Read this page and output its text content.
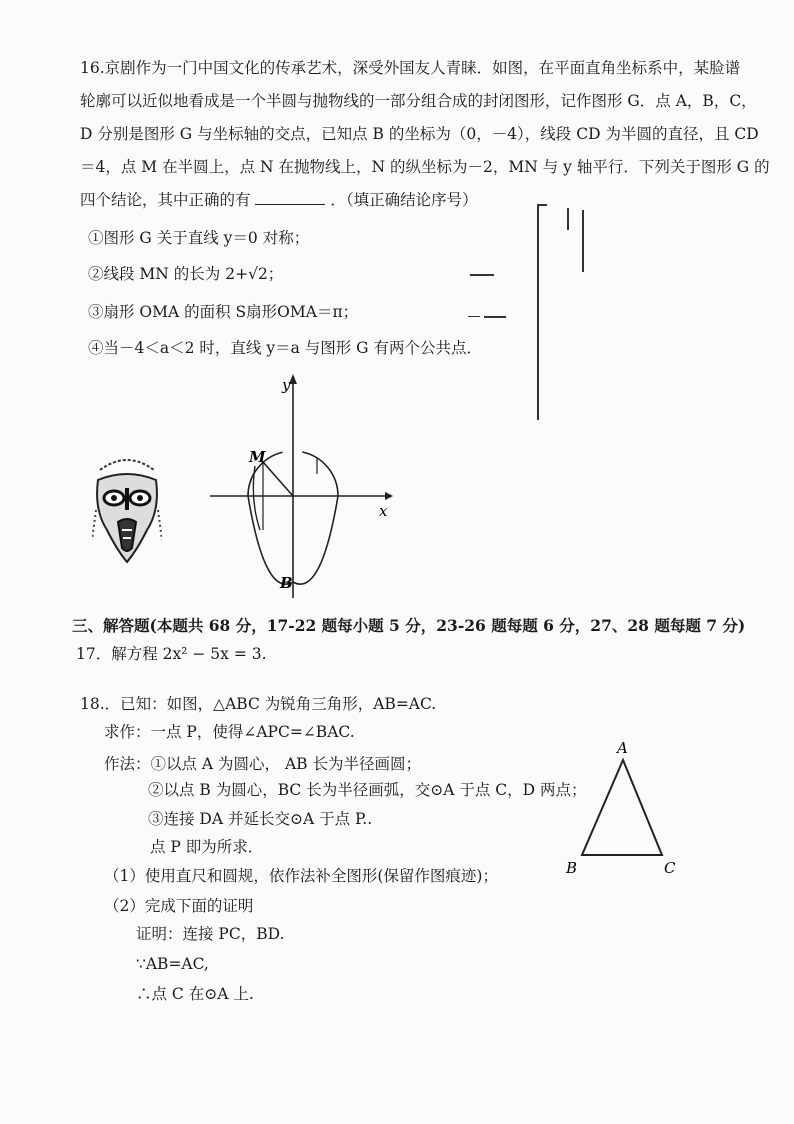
16.京剧作为一门中国文化的传承艺术，深受外国友人青睐．如图，在平面直角坐标系中，某脸谱
轮廓可以近似地看成是一个半圆与抛物线的一部分组合成的封闭图形，记作图形 G．点 A，B，C，
D 分别是图形 G 与坐标轴的交点，已知点 B 的坐标为（0，－4），线段 CD 为半圆的直径，且 CD
＝4，点 M 在半圆上，点 N 在抛物线上，N 的纵坐标为－2，MN 与 y 轴平行．下列关于图形 G 的
四个结论，其中正确的有	．（填正确结论序号）
①图形 G 关于直线 y＝0 对称；
②线段 MN 的长为 2+√2；
③扇形 OMA 的面积 S扇形OMA＝π；
④当－4＜a＜2 时，直线 y＝a 与图形 G 有两个公共点．
y
x
M
B
三、解答题(本题共 68 分，17-22 题每小题 5 分，23-26 题每题 6 分，27、28 题每题 7 分)
17．解方程 2x² − 5x = 3.
18.．已知：如图，△ABC 为锐角三角形，AB=AC.
求作：一点 P，使得∠APC=∠BAC.
作法：①以点 A 为圆心， AB 长为半径画圆；
②以点 B 为圆心，BC 长为半径画弧，交⊙A 于点 C，D 两点；
③连接 DA 并延长交⊙A 于点 P..
点 P 即为所求．
（1）使用直尺和圆规，依作法补全图形(保留作图痕迹)；
（2）完成下面的证明
证明：连接 PC，BD.
∵AB=AC,
∴点 C 在⊙A 上.
A
B	C
